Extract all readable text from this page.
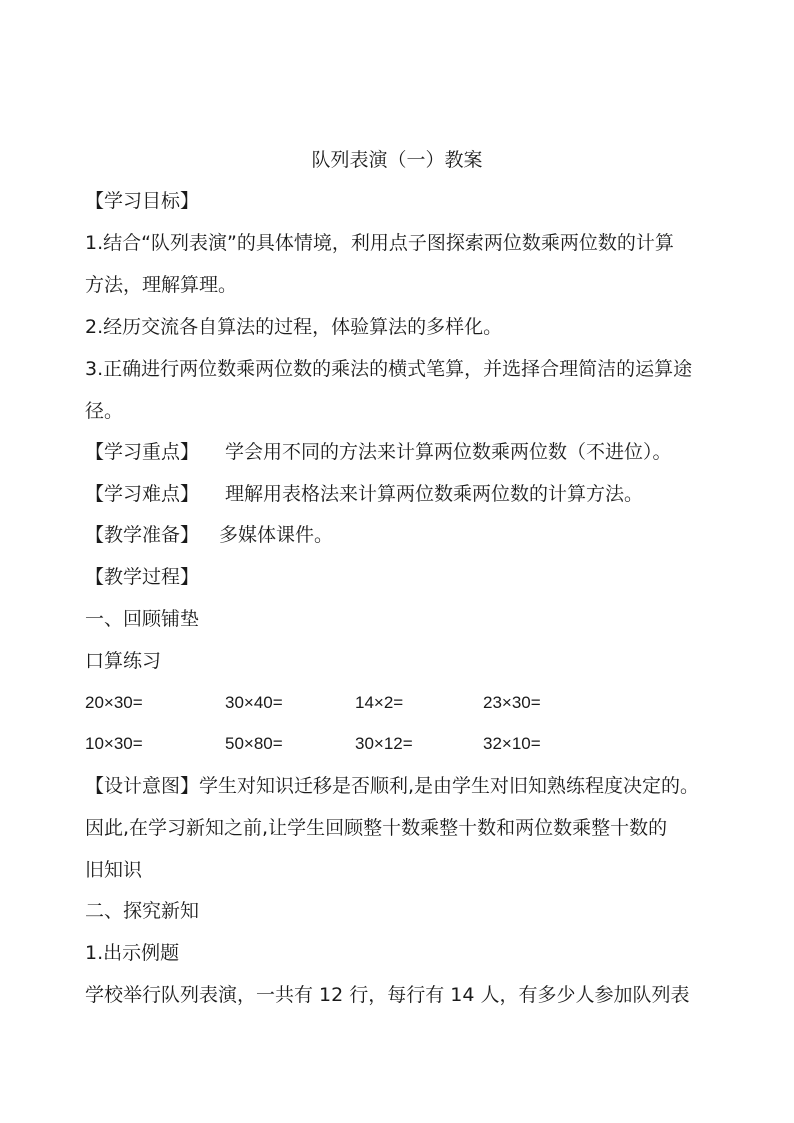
队列表演（一）教案
【学习目标】
1.结合“队列表演”的具体情境，利用点子图探索两位数乘两位数的计算
方法，理解算理。
2.经历交流各自算法的过程，体验算法的多样化。
3.正确进行两位数乘两位数的乘法的横式笔算，并选择合理简洁的运算途
径。
【学习重点】 学会用不同的方法来计算两位数乘两位数（不进位）。
【学习难点】 理解用表格法来计算两位数乘两位数的计算方法。
【教学准备】 多媒体课件。
【教学过程】
一、回顾铺垫
口算练习
20×30=	30×40=	14×2=	23×30=
10×30=	50×80=	30×12=	32×10=
【设计意图】学生对知识迁移是否顺利,是由学生对旧知熟练程度决定的。
因此,在学习新知之前,让学生回顾整十数乘整十数和两位数乘整十数的
旧知识
二、探究新知
1.出示例题
学校举行队列表演，一共有 12 行，每行有 14 人，有多少人参加队列表
